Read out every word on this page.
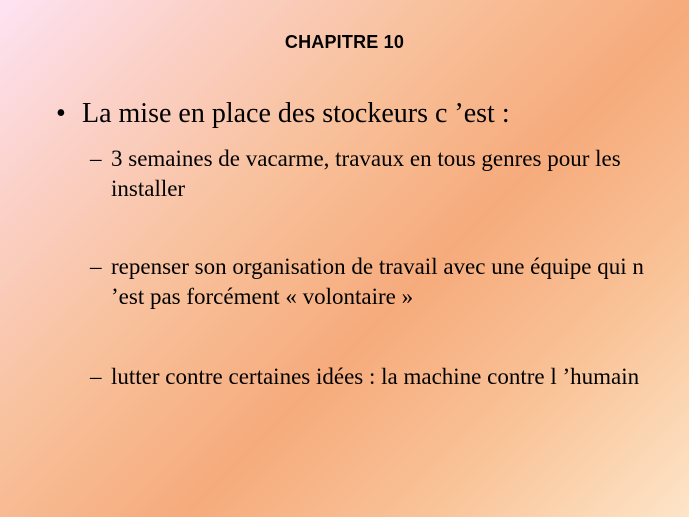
CHAPITRE 10
• La mise en place des stockeurs c ’est :
– 3 semaines de vacarme, travaux en tous genres pour les installer
– repenser son organisation de travail avec une équipe qui n ’est pas forcément « volontaire »
– lutter contre certaines idées : la machine contre l ’humain
